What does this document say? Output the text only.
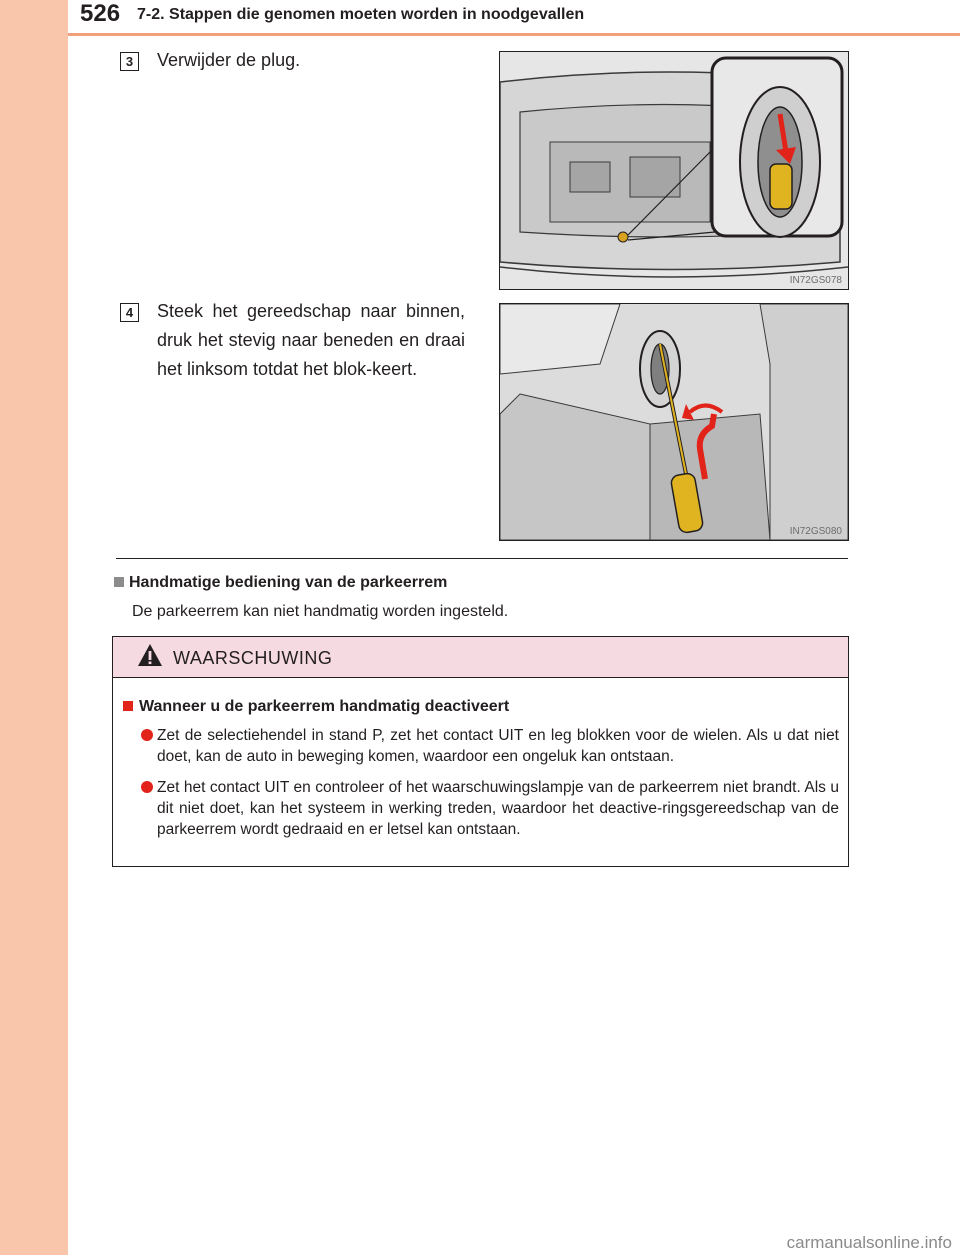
526 7-2. Stappen die genomen moeten worden in noodgevallen
3	Verwijder de plug.
IN72GS078
4	Steek het gereedschap naar binnen, druk het stevig naar beneden en draai het linksom totdat het blok-keert.
IN72GS080
Handmatige bediening van de parkeerrem
De parkeerrem kan niet handmatig worden ingesteld.
WAARSCHUWING
Wanneer u de parkeerrem handmatig deactiveert
Zet de selectiehendel in stand P, zet het contact UIT en leg blokken voor de wielen. Als u dat niet doet, kan de auto in beweging komen, waardoor een ongeluk kan ontstaan.
Zet het contact UIT en controleer of het waarschuwingslampje van de parkeerrem niet brandt. Als u dit niet doet, kan het systeem in werking treden, waardoor het deactive-ringsgereedschap van de parkeerrem wordt gedraaid en er letsel kan ontstaan.
carmanualsonline.info
